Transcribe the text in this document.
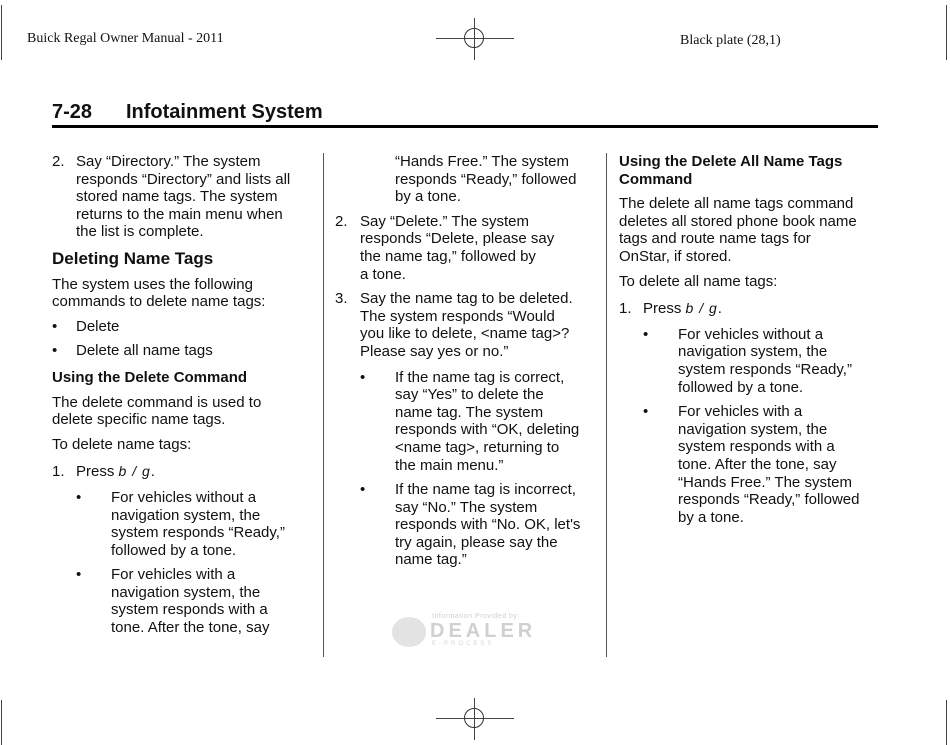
Buick Regal Owner Manual - 2011	Black plate (28,1)
7-28 Infotainment System
2. Say “Directory.” The system
responds “Directory” and lists all
stored name tags. The system
returns to the main menu when
the list is complete.
Deleting Name Tags
The system uses the following
commands to delete name tags:
• Delete
• Delete all name tags
Using the Delete Command
The delete command is used to
delete specific name tags.
To delete name tags:
1. Press b / g.
• For vehicles without a
navigation system, the
system responds “Ready,”
followed by a tone.
• For vehicles with a
navigation system, the
system responds with a
tone. After the tone, say
“Hands Free.” The system
responds “Ready,” followed
by a tone.
2. Say “Delete.” The system
responds “Delete, please say
the name tag,” followed by
a tone.
3. Say the name tag to be deleted.
The system responds “Would
you like to delete, <name tag>?
Please say yes or no.”
• If the name tag is correct,
say “Yes” to delete the
name tag. The system
responds with “OK, deleting
<name tag>, returning to
the main menu.”
• If the name tag is incorrect,
say “No.” The system
responds with “No. OK, let's
try again, please say the
name tag.”
Using the Delete All Name Tags
Command
The delete all name tags command
deletes all stored phone book name
tags and route name tags for
OnStar, if stored.
To delete all name tags:
1. Press b / g.
• For vehicles without a
navigation system, the
system responds “Ready,”
followed by a tone.
• For vehicles with a
navigation system, the
system responds with a
tone. After the tone, say
“Hands Free.” The system
responds “Ready,” followed
by a tone.
Information Provided by:
DEALER
E-PROCESS
